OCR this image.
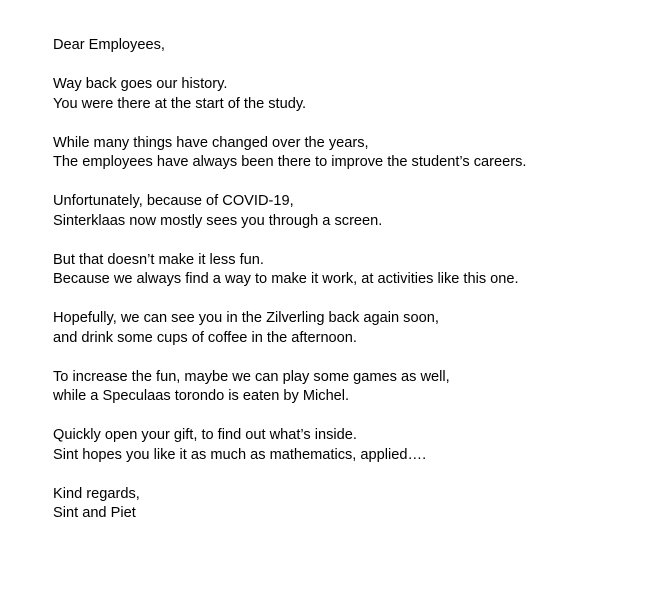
Dear Employees,
Way back goes our history.
You were there at the start of the study.
While many things have changed over the years,
The employees have always been there to improve the student’s careers.
Unfortunately, because of COVID-19,
Sinterklaas now mostly sees you through a screen.
But that doesn’t make it less fun.
Because we always find a way to make it work, at activities like this one.
Hopefully, we can see you in the Zilverling back again soon,
and drink some cups of coffee in the afternoon.
To increase the fun, maybe we can play some games as well,
while a Speculaas torondo is eaten by Michel.
Quickly open your gift, to find out what’s inside.
Sint hopes you like it as much as mathematics, applied….
Kind regards,
Sint and Piet
